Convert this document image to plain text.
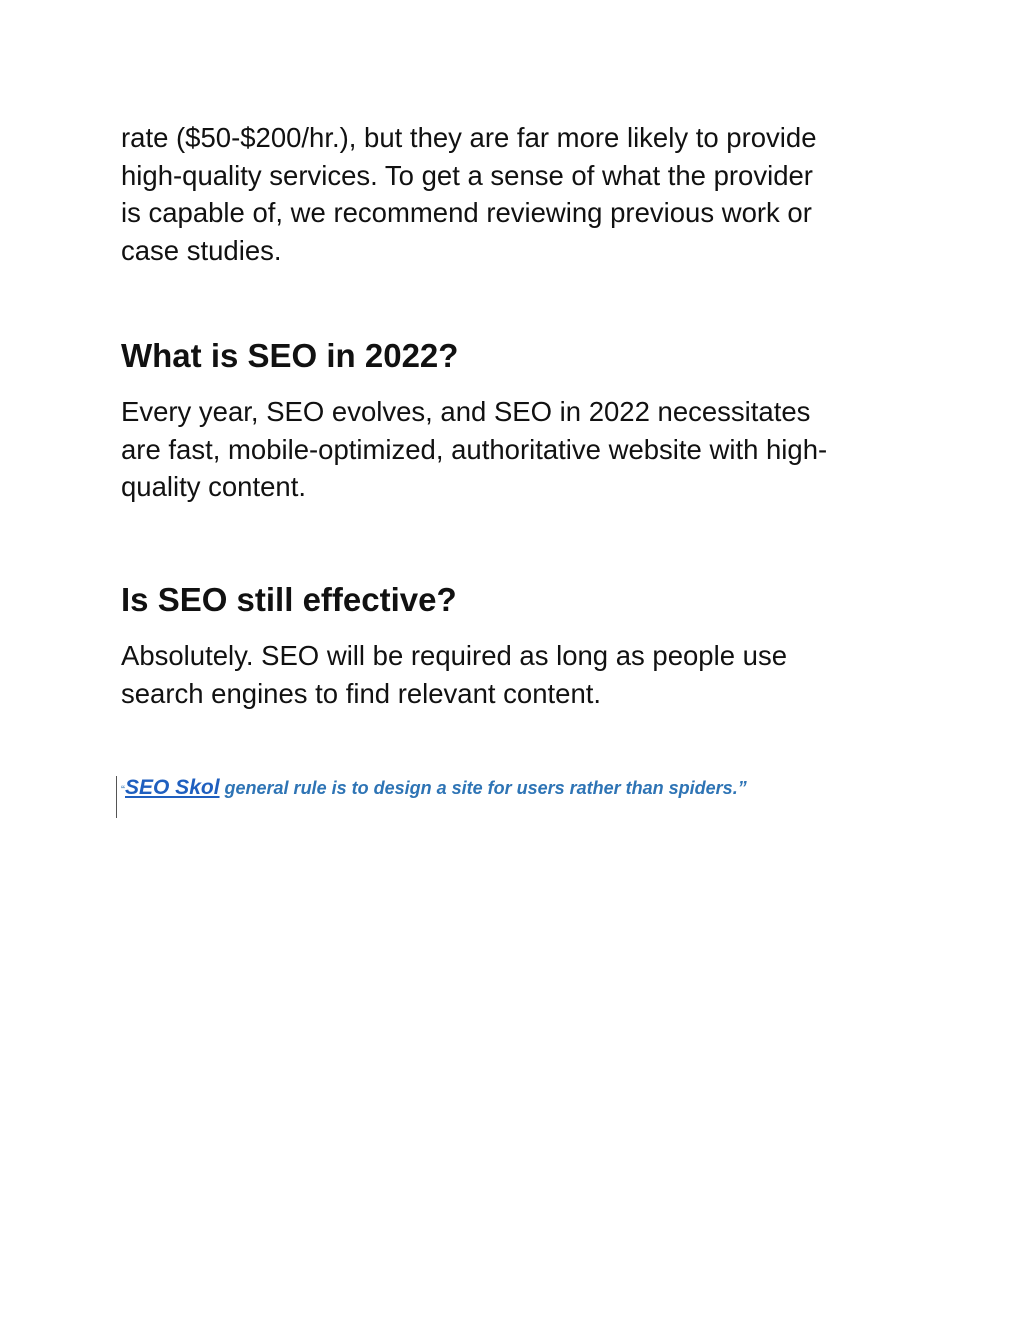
rate ($50-$200/hr.), but they are far more likely to provide
high-quality services. To get a sense of what the provider
is capable of, we recommend reviewing previous work or
case studies.
What is SEO in 2022?
Every year, SEO evolves, and SEO in 2022 necessitates
are fast, mobile-optimized, authoritative website with high-
quality content.
Is SEO still effective?
Absolutely. SEO will be required as long as people use
search engines to find relevant content.
“SEO Skol general rule is to design a site for users rather than spiders.”
